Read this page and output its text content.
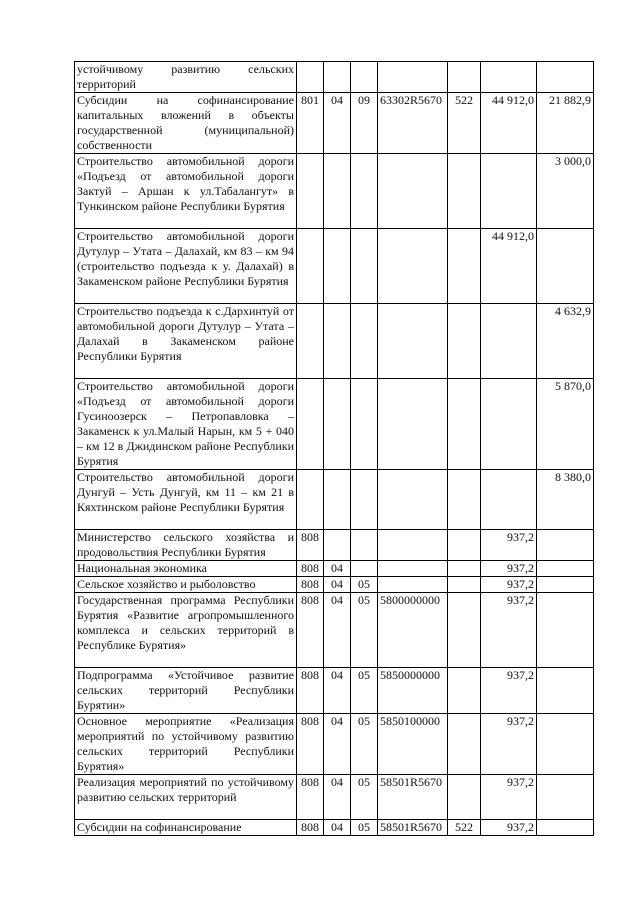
устойчивому развитию сельских территорий							
Субсидии на софинансирование капитальных вложений в объекты государственной (муниципальной) собственности	801	04	09	63302R5670	522	44 912,0	21 882,9
Строительство автомобильной дороги «Подъезд от автомобильной дороги Зактуй – Аршан к ул.Табалангут» в Тункинском районе Республики Бурятия							3 000,0
Строительство автомобильной дороги Дутулур – Утата – Далахай, км 83 – км 94 (строительство подъезда к у. Далахай) в Закаменском районе Республики Бурятия						44 912,0	
Строительство подъезда к с.Дархинтуй от автомобильной дороги Дутулур – Утата – Далахай в Закаменском районе Республики Бурятия							4 632,9
Строительство автомобильной дороги «Подъезд от автомобильной дороги Гусиноозерск – Петропавловка – Закаменск к ул.Малый Нарын, км 5 + 040 – км 12 в Джидинском районе Республики Бурятия							5 870,0
Строительство автомобильной дороги Дунгуй – Усть Дунгуй, км 11 – км 21 в Кяхтинском районе Республики Бурятия							8 380,0
Министерство сельского хозяйства и продовольствия Республики Бурятия	808					937,2	
Национальная экономика	808	04				937,2	
Сельское хозяйство и рыболовство	808	04	05			937,2	
Государственная программа Республики Бурятия «Развитие агропромышленного комплекса и сельских территорий в Республике Бурятия»	808	04	05	5800000000		937,2	
Подпрограмма «Устойчивое развитие сельских территорий Республики Бурятии»	808	04	05	5850000000		937,2	
Основное мероприятие «Реализация мероприятий по устойчивому развитию сельских территорий Республики Бурятия»	808	04	05	5850100000		937,2	
Реализация мероприятий по устойчивому развитию сельских территорий	808	04	05	58501R5670		937,2	
Субсидии на софинансирование	808	04	05	58501R5670	522	937,2	
